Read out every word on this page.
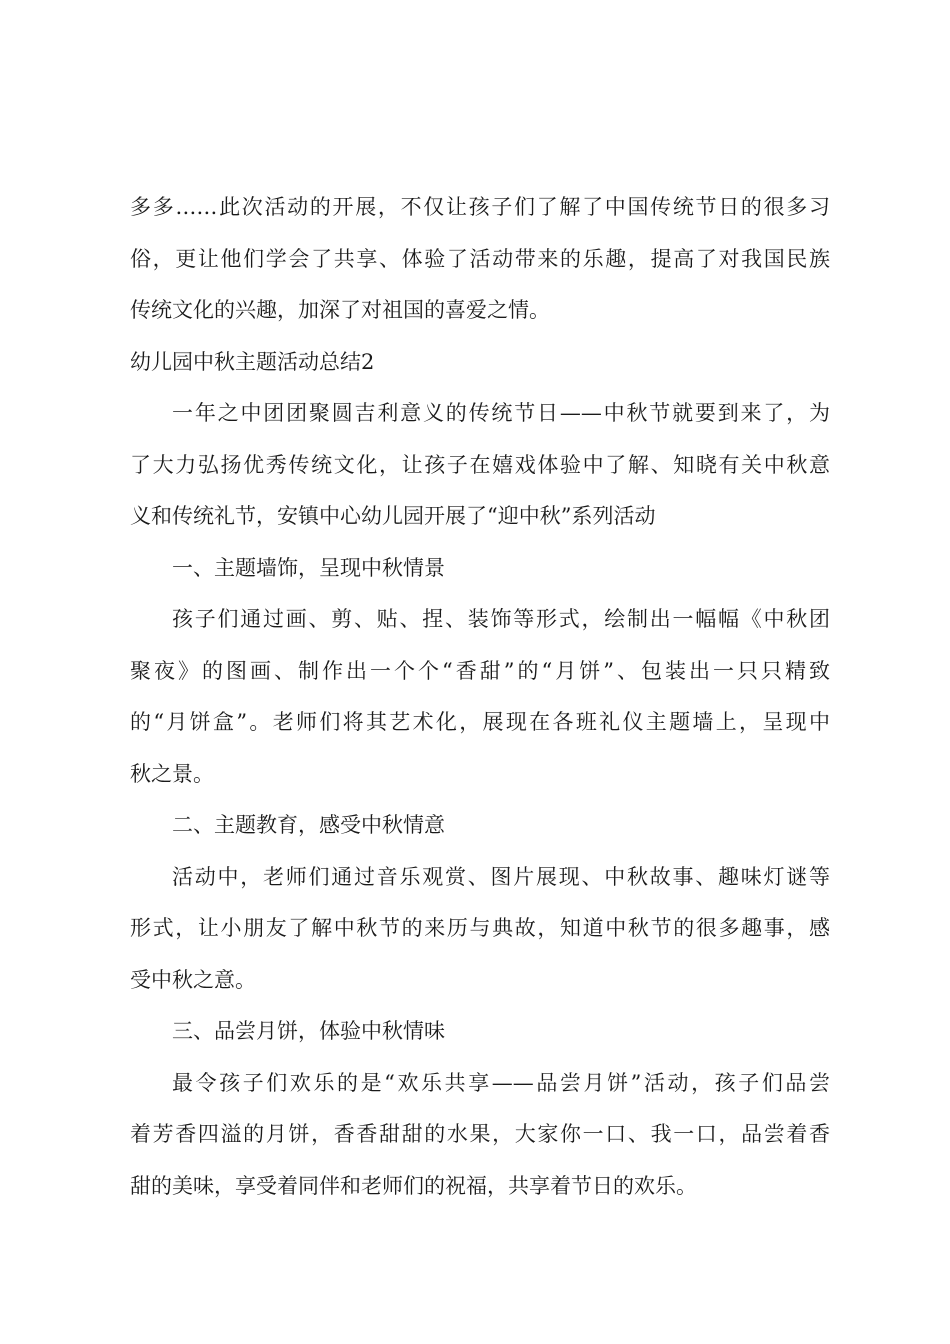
多多……此次活动的开展，不仅让孩子们了解了中国传统节日的很多习
俗，更让他们学会了共享、体验了活动带来的乐趣，提高了对我国民族
传统文化的兴趣，加深了对祖国的喜爱之情。
幼儿园中秋主题活动总结2
一年之中团团聚圆吉利意义的传统节日——中秋节就要到来了，为
了大力弘扬优秀传统文化，让孩子在嬉戏体验中了解、知晓有关中秋意
义和传统礼节，安镇中心幼儿园开展了“迎中秋”系列活动
一、主题墙饰，呈现中秋情景
孩子们通过画、剪、贴、捏、装饰等形式，绘制出一幅幅《中秋团
聚夜》的图画、制作出一个个“香甜”的“月饼”、包装出一只只精致
的“月饼盒”。老师们将其艺术化，展现在各班礼仪主题墙上，呈现中
秋之景。
二、主题教育，感受中秋情意
活动中，老师们通过音乐观赏、图片展现、中秋故事、趣味灯谜等
形式，让小朋友了解中秋节的来历与典故，知道中秋节的很多趣事，感
受中秋之意。
三、品尝月饼，体验中秋情味
最令孩子们欢乐的是“欢乐共享——品尝月饼”活动，孩子们品尝
着芳香四溢的月饼，香香甜甜的水果，大家你一口、我一口，品尝着香
甜的美味，享受着同伴和老师们的祝福，共享着节日的欢乐。
